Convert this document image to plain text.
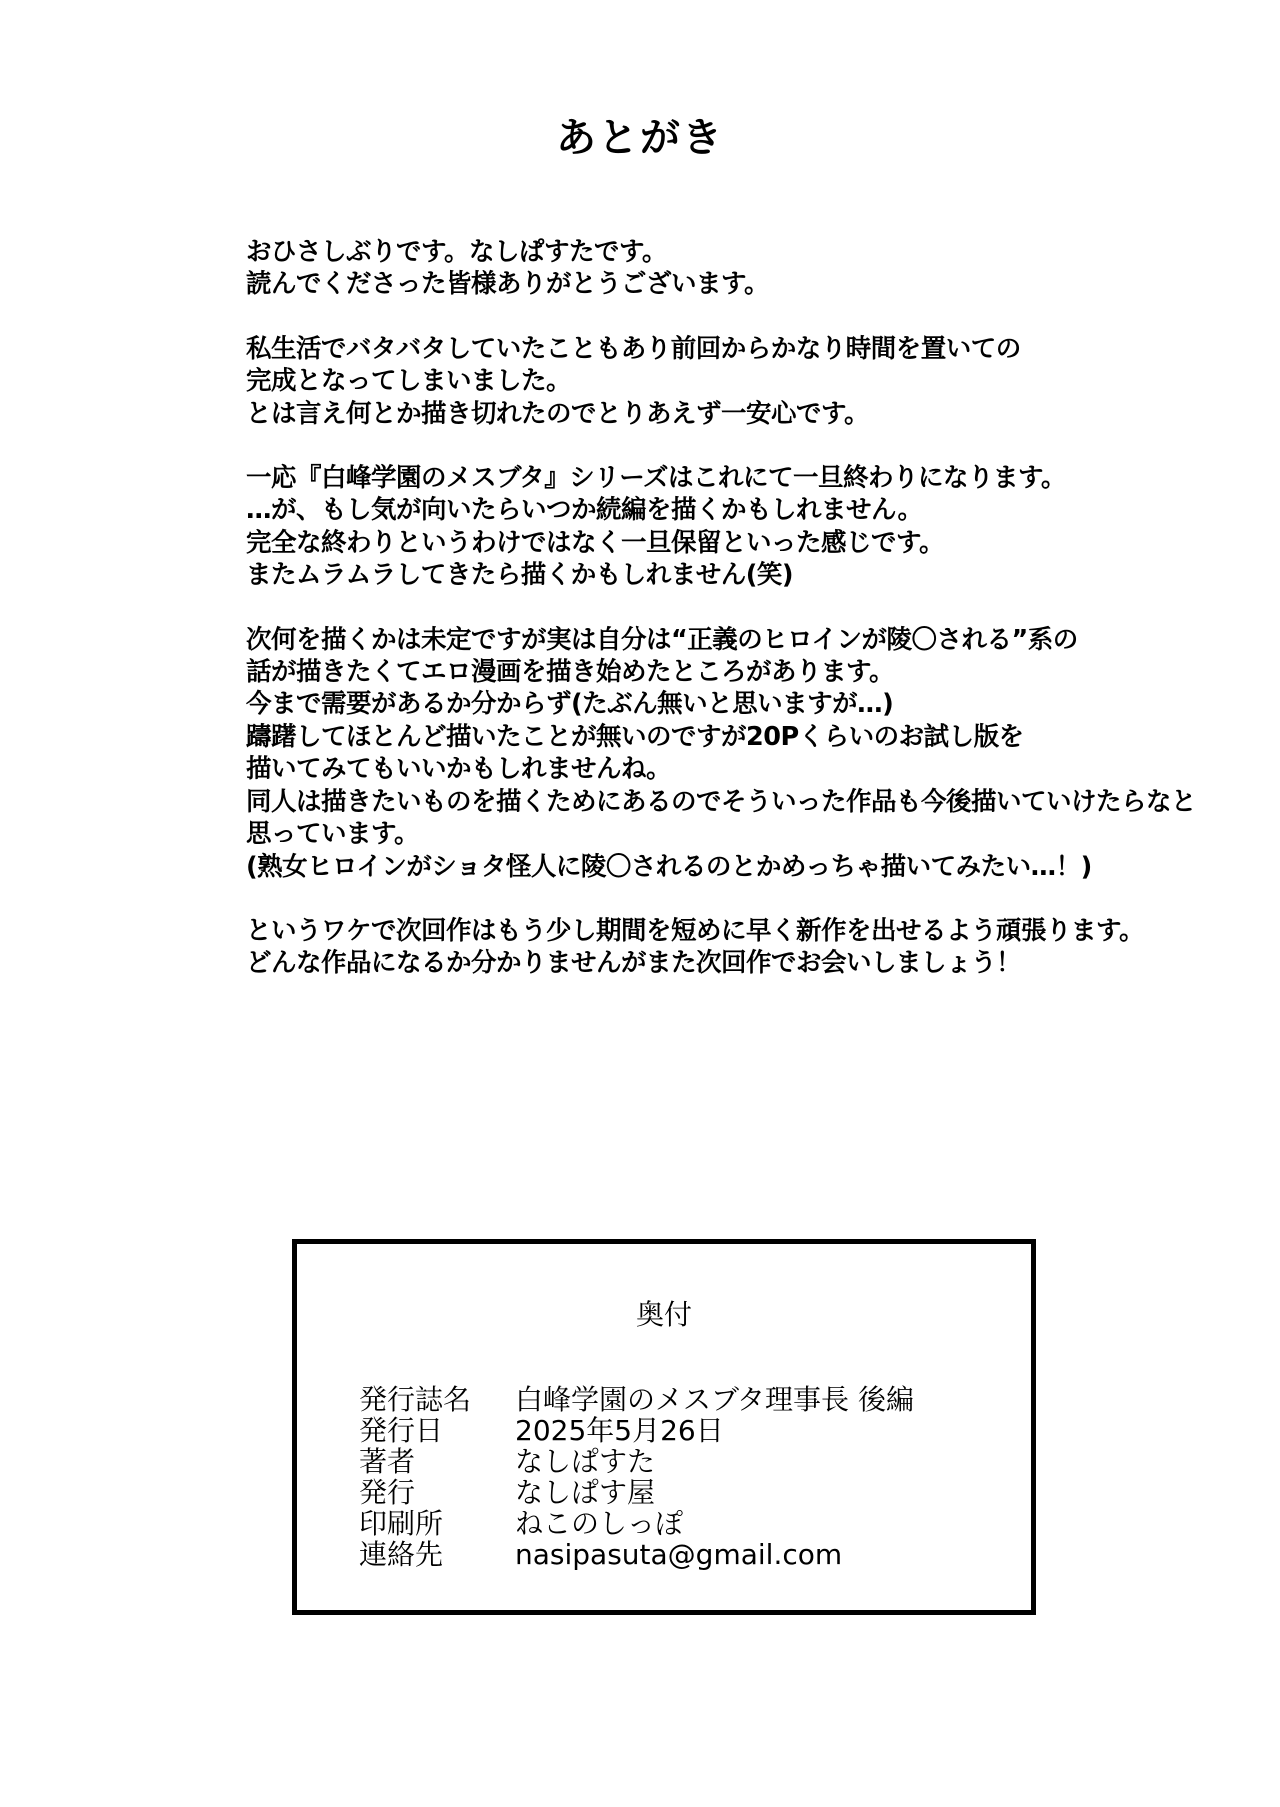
あとがき
おひさしぶりです。なしぱすたです。
読んでくださった皆様ありがとうございます。
私生活でバタバタしていたこともあり前回からかなり時間を置いての
完成となってしまいました。
とは言え何とか描き切れたのでとりあえず一安心です。
一応『白峰学園のメスブタ』シリーズはこれにて一旦終わりになります。
…が、もし気が向いたらいつか続編を描くかもしれません。
完全な終わりというわけではなく一旦保留といった感じです。
またムラムラしてきたら描くかもしれません(笑)
次何を描くかは未定ですが実は自分は“正義のヒロインが陵〇される”系の
話が描きたくてエロ漫画を描き始めたところがあります。
今まで需要があるか分からず(たぶん無いと思いますが…)
躊躇してほとんど描いたことが無いのですが20Pくらいのお試し版を
描いてみてもいいかもしれませんね。
同人は描きたいものを描くためにあるのでそういった作品も今後描いていけたらなと
思っています。
(熟女ヒロインがショタ怪人に陵〇されるのとかめっちゃ描いてみたい…！)
というワケで次回作はもう少し期間を短めに早く新作を出せるよう頑張ります。
どんな作品になるか分かりませんがまた次回作でお会いしましょう！
奥付
発行誌名	白峰学園のメスブタ理事長 後編
発行日	2025年5月26日
著者	なしぱすた
発行	なしぱす屋
印刷所	ねこのしっぽ
連絡先	nasipasuta@gmail.com
